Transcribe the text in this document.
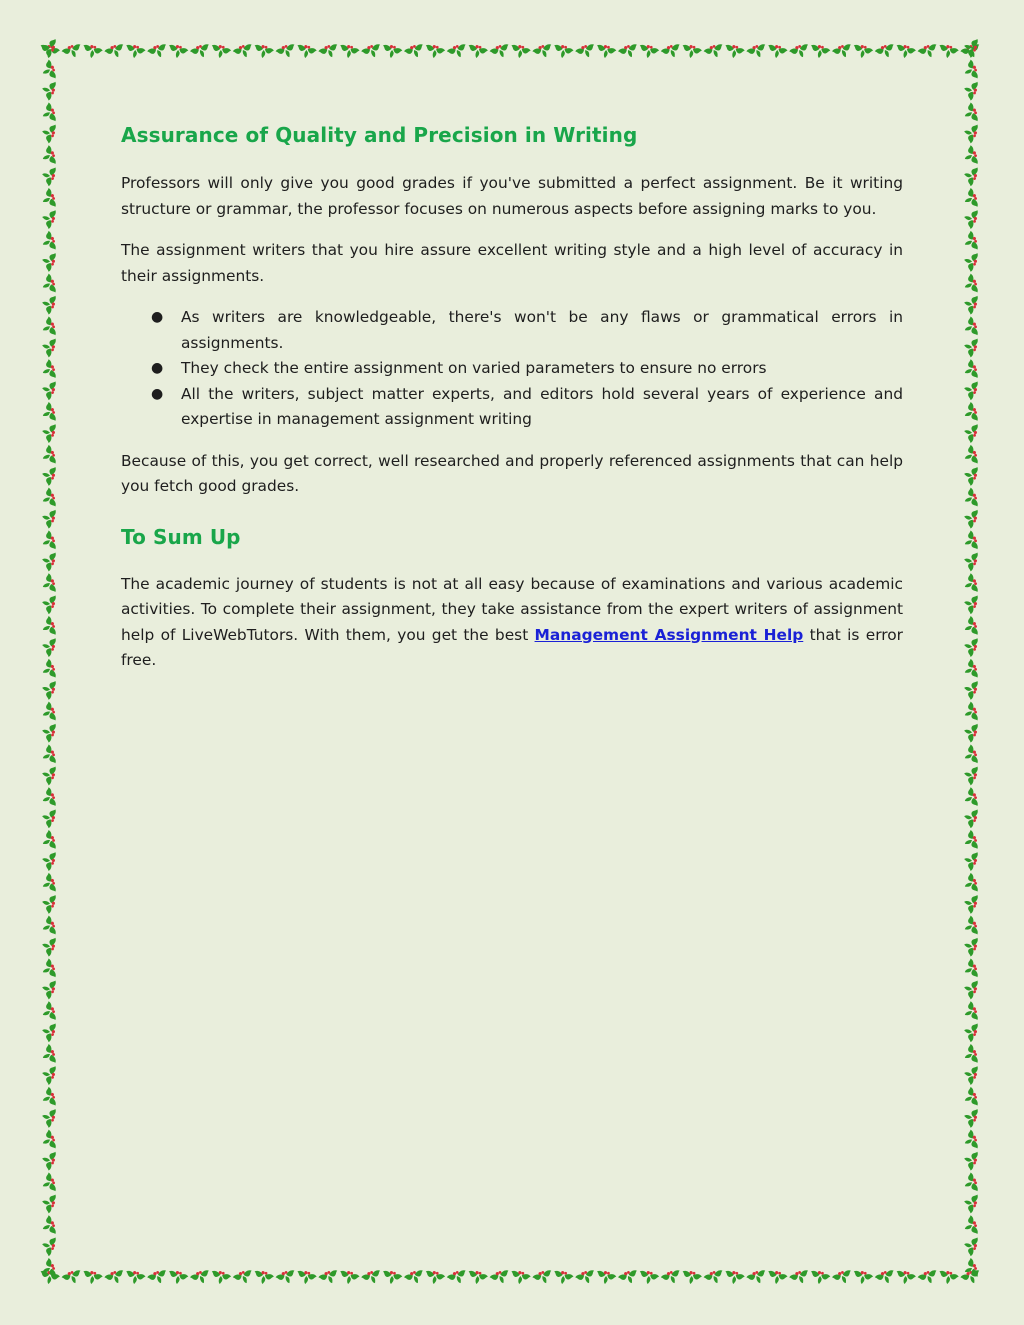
Assurance of Quality and Precision in Writing

Professors will only give you good grades if you've submitted a perfect assignment. Be it writing structure or grammar, the professor focuses on numerous aspects before assigning marks to you.

The assignment writers that you hire assure excellent writing style and a high level of accuracy in their assignments.

● As writers are knowledgeable, there's won't be any flaws or grammatical errors in assignments.
● They check the entire assignment on varied parameters to ensure no errors
● All the writers, subject matter experts, and editors hold several years of experience and expertise in management assignment writing

Because of this, you get correct, well researched and properly referenced assignments that can help you fetch good grades.

To Sum Up

The academic journey of students is not at all easy because of examinations and various academic activities. To complete their assignment, they take assistance from the expert writers of assignment help of LiveWebTutors. With them, you get the best Management Assignment Help that is error free.
